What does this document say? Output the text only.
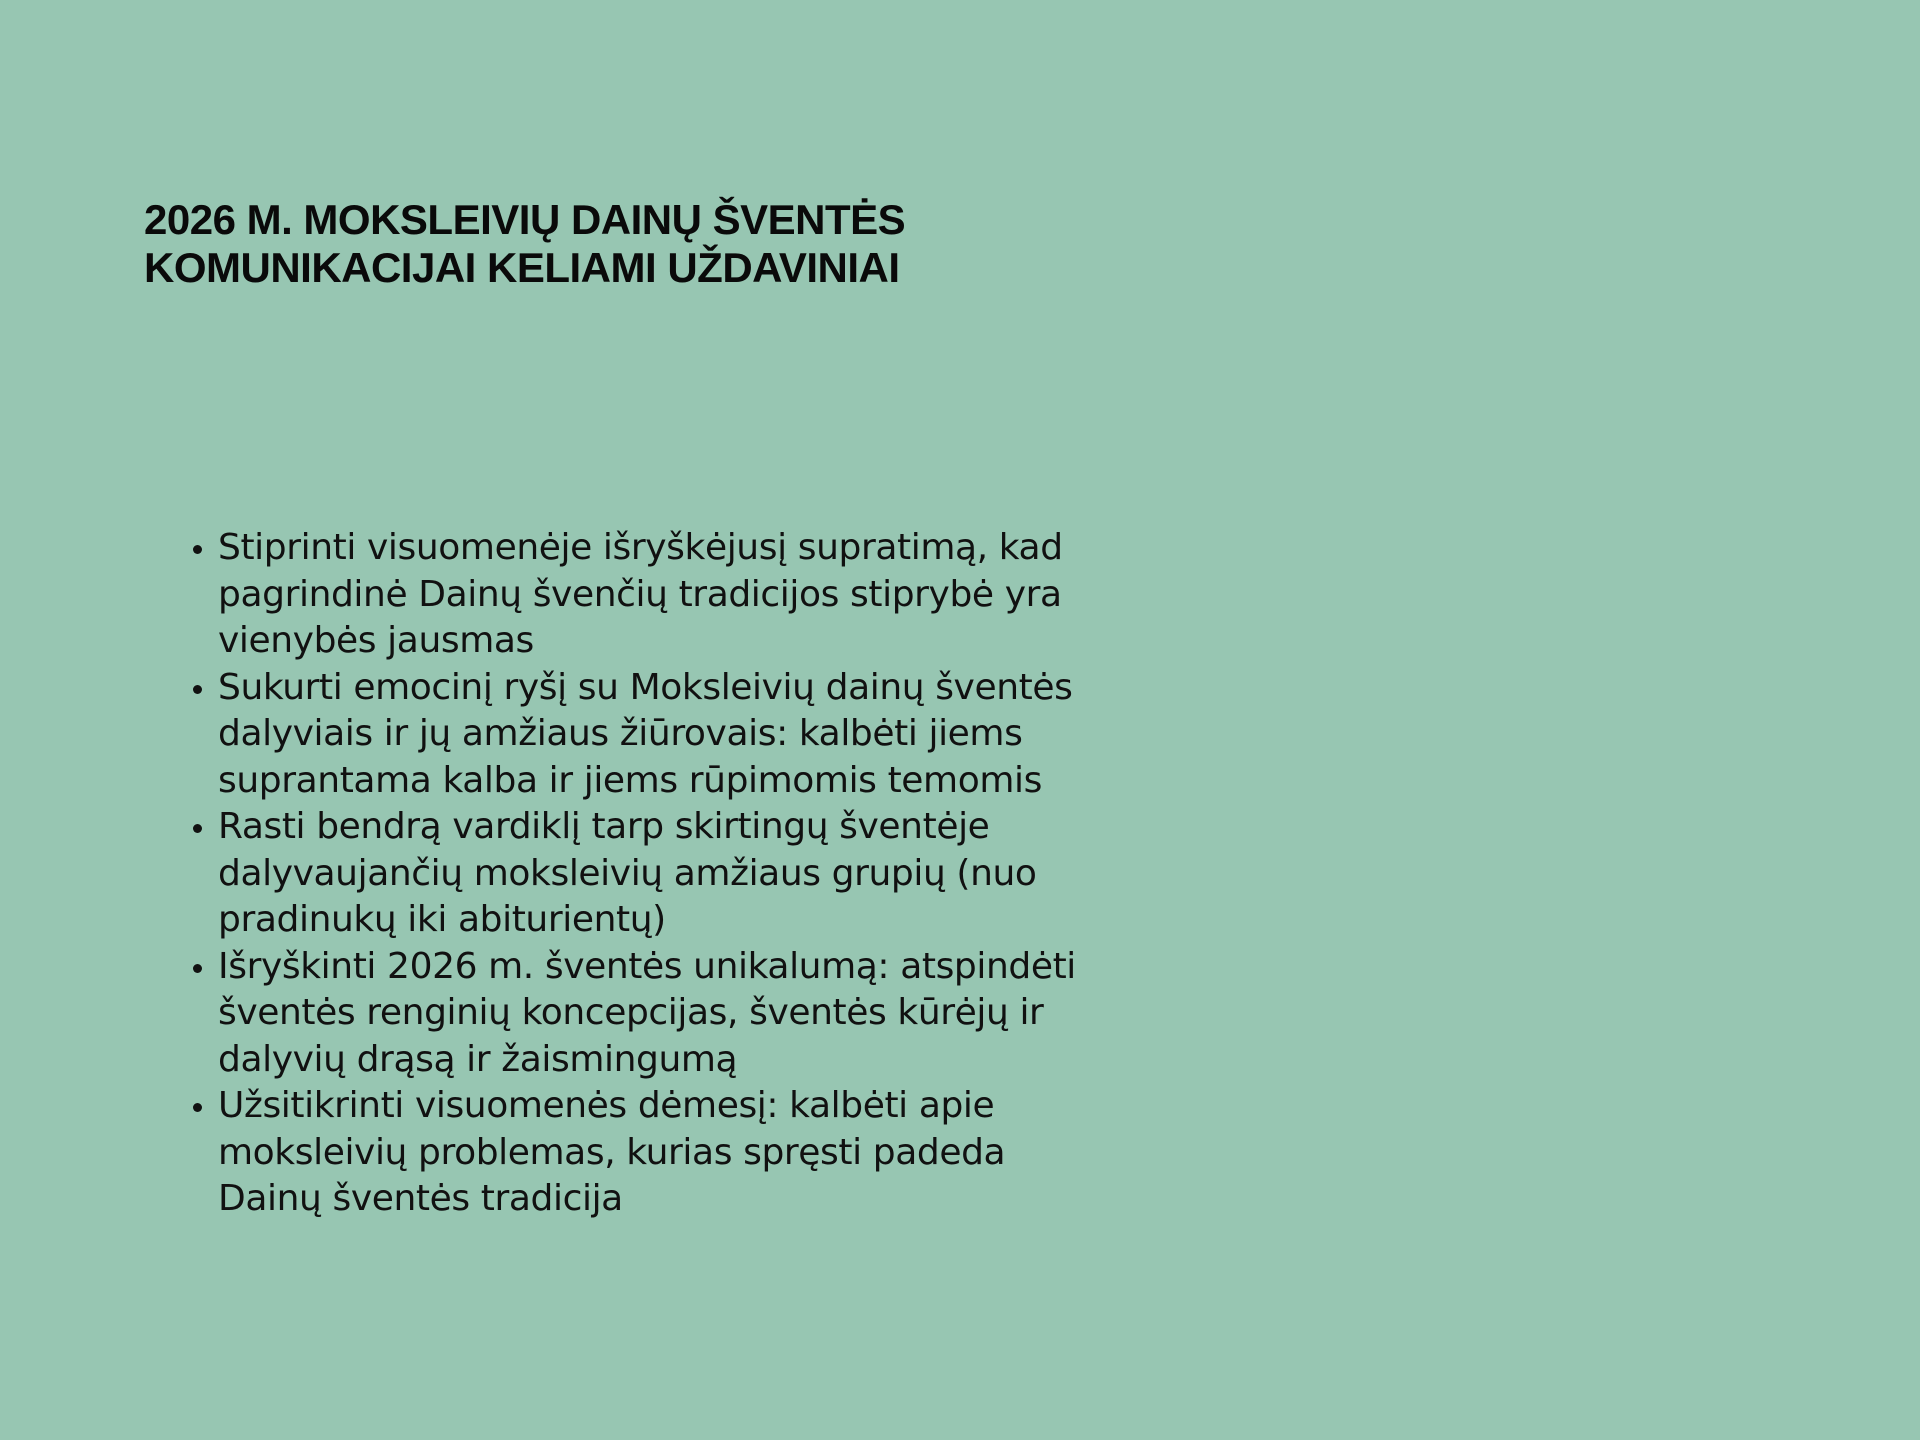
2026 M. MOKSLEIVIŲ DAINŲ ŠVENTĖS
KOMUNIKACIJAI KELIAMI UŽDAVINIAI
• Stiprinti visuomenėje išryškėjusį supratimą, kad
pagrindinė Dainų švenčių tradicijos stiprybė yra
vienybės jausmas
• Sukurti emocinį ryšį su Moksleivių dainų šventės
dalyviais ir jų amžiaus žiūrovais: kalbėti jiems
suprantama kalba ir jiems rūpimomis temomis
• Rasti bendrą vardiklį tarp skirtingų šventėje
dalyvaujančių moksleivių amžiaus grupių (nuo
pradinukų iki abiturientų)
• Išryškinti 2026 m. šventės unikalumą: atspindėti
šventės renginių koncepcijas, šventės kūrėjų ir
dalyvių drąsą ir žaismingumą
• Užsitikrinti visuomenės dėmesį: kalbėti apie
moksleivių problemas, kurias spręsti padeda
Dainų šventės tradicija
